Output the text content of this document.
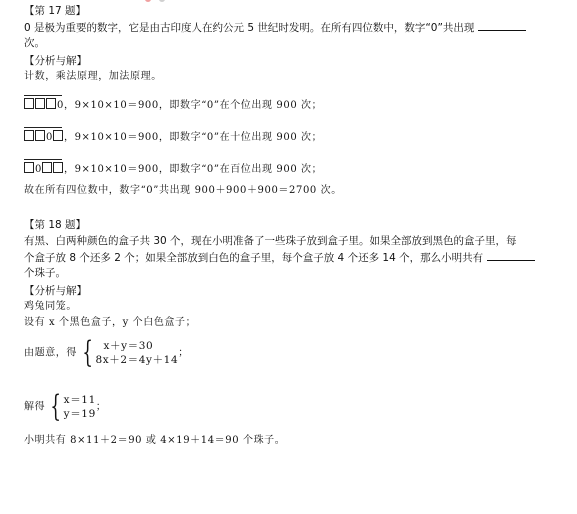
【第 17 题】
0 是极为重要的数字，它是由古印度人在约公元 5 世纪时发明。在所有四位数中，数字“0”共出现
次。
【分析与解】
计数，乘法原理，加法原理。
0，9×10×10＝900，即数字“0”在个位出现 900 次；
0 ，9×10×10＝900，即数字“0”在十位出现 900 次；
0 ，9×10×10＝900，即数字“0”在百位出现 900 次；
故在所有四位数中，数字“0”共出现 900＋900＋900＝2700 次。
【第 18 题】
有黑、白两种颜色的盒子共 30 个，现在小明准备了一些珠子放到盒子里。如果全部放到黑色的盒子里，每
个盒子放 8 个还多 2 个；如果全部放到白色的盒子里，每个盒子放 4 个还多 14 个，那么小明共有
个珠子。
【分析与解】
鸡兔同笼。
设有 x 个黑色盒子，y 个白色盒子；
由题意，得 { x＋y＝30
8x＋2＝4y＋14
；
解得 { x＝11
y＝19
；
小明共有 8×11＋2＝90 或 4×19＋14＝90 个珠子。
